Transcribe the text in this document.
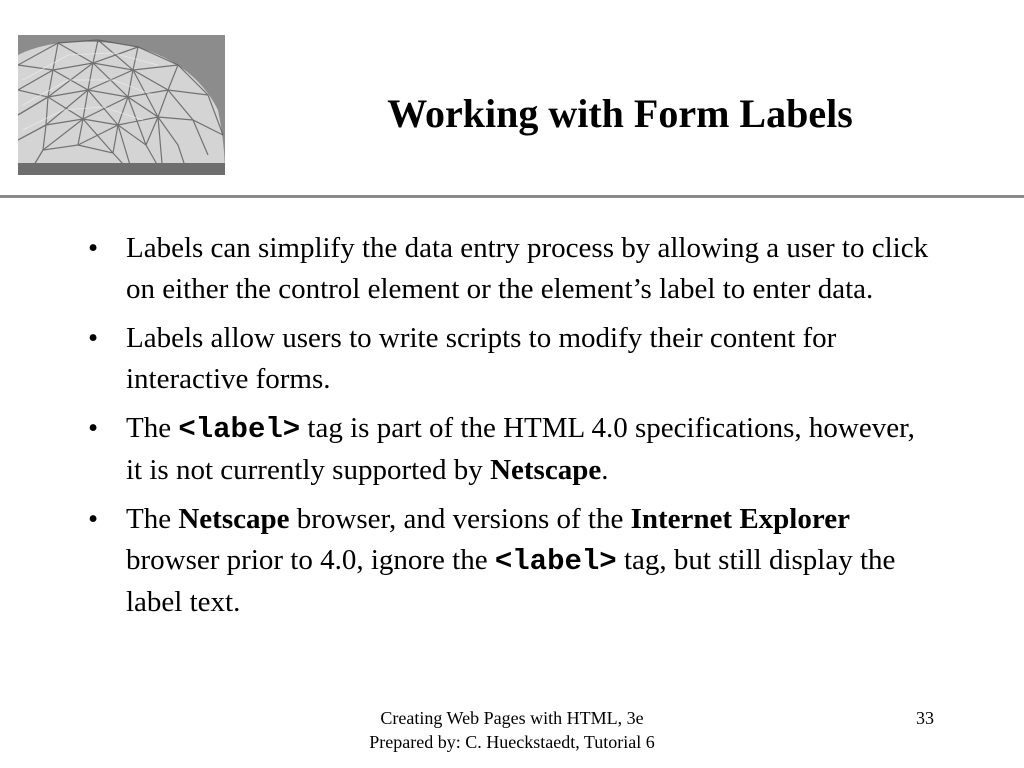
Working with Form Labels
• Labels can simplify the data entry process by allowing a user to click on either the control element or the element’s label to enter data.
• Labels allow users to write scripts to modify their content for interactive forms.
• The <label> tag is part of the HTML 4.0 specifications, however, it is not currently supported by Netscape.
• The Netscape browser, and versions of the Internet Explorer browser prior to 4.0, ignore the <label> tag, but still display the label text.
Creating Web Pages with HTML, 3e
Prepared by: C. Hueckstaedt, Tutorial 6
33
